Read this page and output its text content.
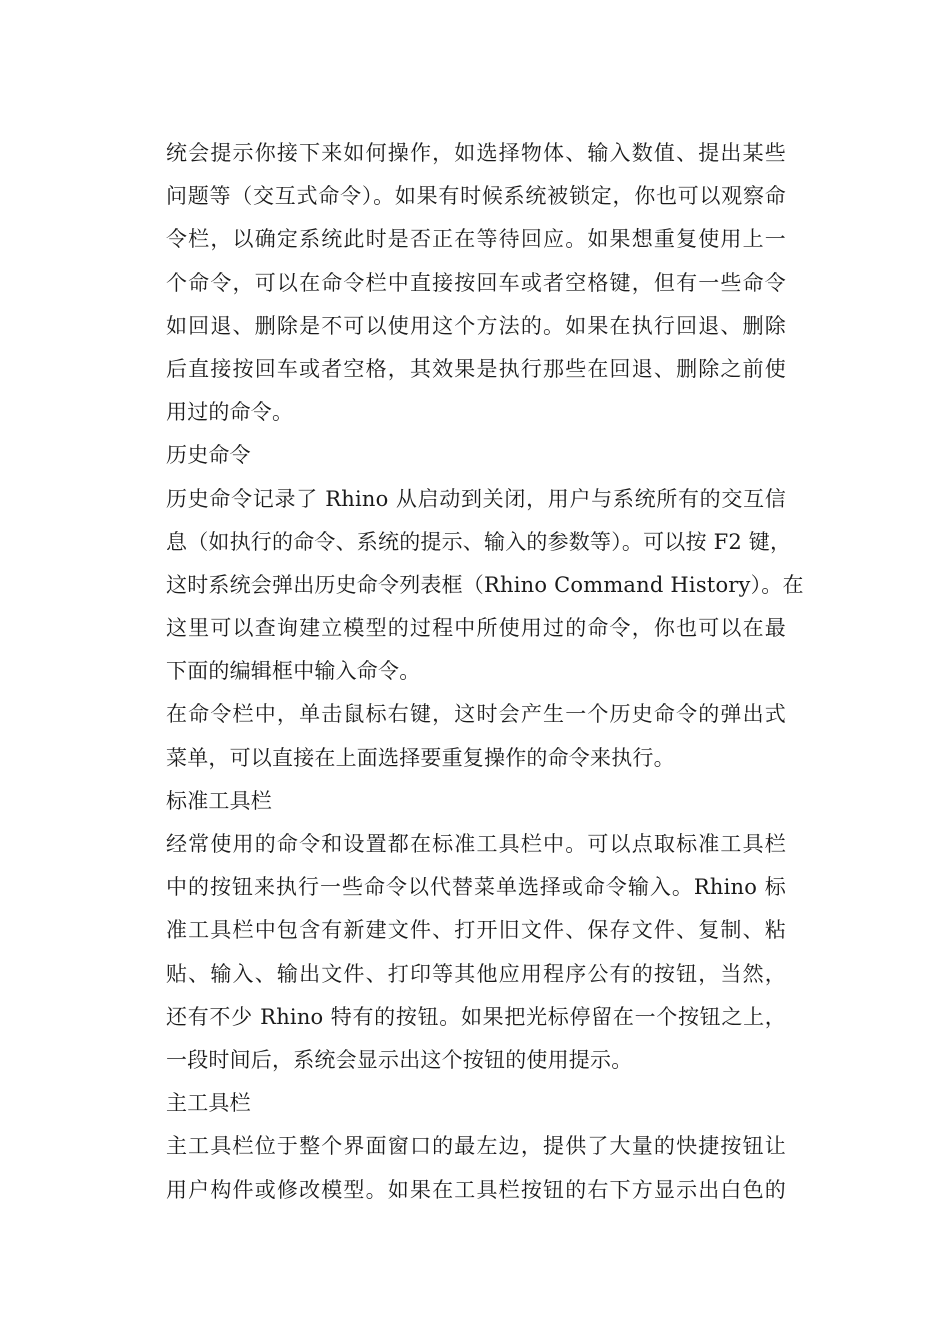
统会提示你接下来如何操作，如选择物体、输入数值、提出某些
问题等（交互式命令）。如果有时候系统被锁定，你也可以观察命
令栏，以确定系统此时是否正在等待回应。如果想重复使用上一
个命令，可以在命令栏中直接按回车或者空格键，但有一些命令
如回退、删除是不可以使用这个方法的。如果在执行回退、删除
后直接按回车或者空格，其效果是执行那些在回退、删除之前使
用过的命令。
历史命令
历史命令记录了 Rhino 从启动到关闭，用户与系统所有的交互信
息（如执行的命令、系统的提示、输入的参数等）。可以按 F2 键，
这时系统会弹出历史命令列表框（Rhino Command History）。在
这里可以查询建立模型的过程中所使用过的命令，你也可以在最
下面的编辑框中输入命令。
在命令栏中，单击鼠标右键，这时会产生一个历史命令的弹出式
菜单，可以直接在上面选择要重复操作的命令来执行。
标准工具栏
经常使用的命令和设置都在标准工具栏中。可以点取标准工具栏
中的按钮来执行一些命令以代替菜单选择或命令输入。Rhino 标
准工具栏中包含有新建文件、打开旧文件、保存文件、复制、粘
贴、输入、输出文件、打印等其他应用程序公有的按钮，当然，
还有不少 Rhino 特有的按钮。如果把光标停留在一个按钮之上，
一段时间后，系统会显示出这个按钮的使用提示。
主工具栏
主工具栏位于整个界面窗口的最左边，提供了大量的快捷按钮让
用户构件或修改模型。如果在工具栏按钮的右下方显示出白色的
